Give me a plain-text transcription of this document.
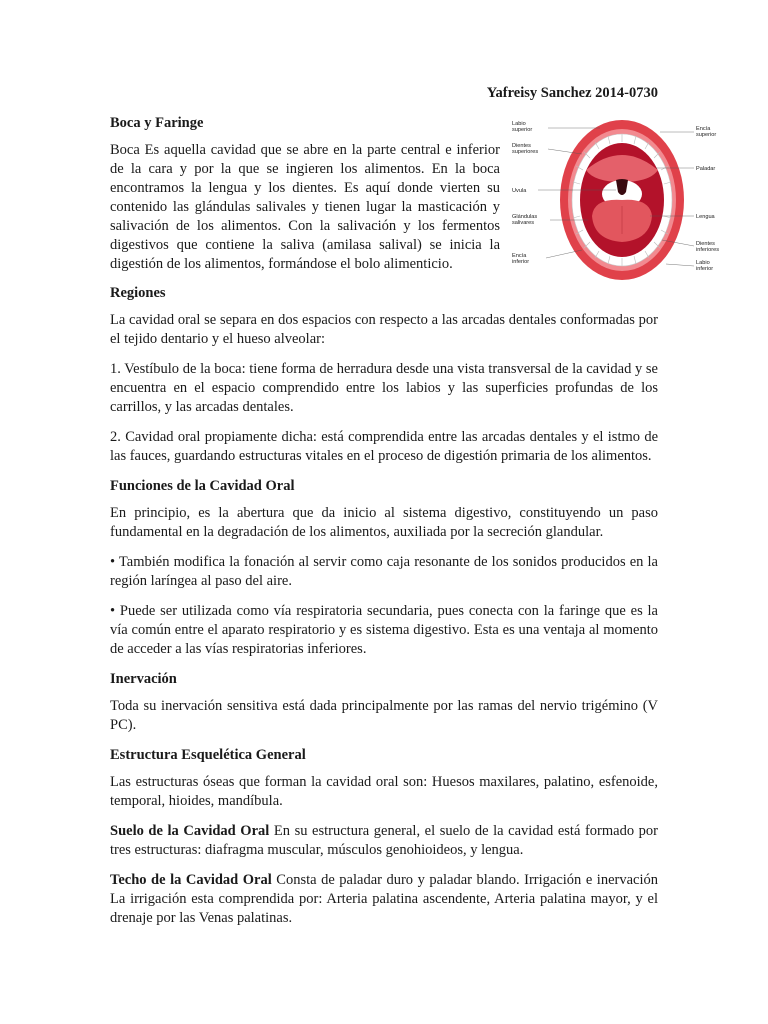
Yafreisy Sanchez 2014-0730

Boca y Faringe

Boca Es aquella cavidad que se abre en la parte central e inferior de la cara y por la que se ingieren los alimentos. En la boca encontramos la lengua y los dientes. Es aquí donde vierten su contenido las glándulas salivales y tienen lugar la masticación y salivación de los alimentos. Con la salivación y los fermentos digestivos que contiene la saliva (amilasa salival) se inicia la digestión de los alimentos, formándose el bolo alimenticio.

Labio superior
Dientes superiores
Uvula
Glándulas salivares
Encía inferior
Encía superior
Paladar
Lengua
Dientes inferiores
Labio inferior
Regiones

La cavidad oral se separa en dos espacios con respecto a las arcadas dentales conformadas por el tejido dentario y el hueso alveolar:

1. Vestíbulo de la boca: tiene forma de herradura desde una vista transversal de la cavidad y se encuentra en el espacio comprendido entre los labios y las superficies profundas de los carrillos, y las arcadas dentales.

2. Cavidad oral propiamente dicha: está comprendida entre las arcadas dentales y el istmo de las fauces, guardando estructuras vitales en el proceso de digestión primaria de los alimentos.

Funciones de la Cavidad Oral

En principio, es la abertura que da inicio al sistema digestivo, constituyendo un paso fundamental en la degradación de los alimentos, auxiliada por la secreción glandular.

• También modifica la fonación al servir como caja resonante de los sonidos producidos en la región laríngea al paso del aire.

• Puede ser utilizada como vía respiratoria secundaria, pues conecta con la faringe que es la vía común entre el aparato respiratorio y es sistema digestivo. Esta es una ventaja al momento de acceder a las vías respiratorias inferiores.

Inervación

Toda su inervación sensitiva está dada principalmente por las ramas del nervio trigémino (V PC).

Estructura Esquelética General

Las estructuras óseas que forman la cavidad oral son: Huesos maxilares, palatino, esfenoide, temporal, hioides, mandíbula.

Suelo de la Cavidad Oral En su estructura general, el suelo de la cavidad está formado por tres estructuras: diafragma muscular, músculos genohioideos, y lengua.

Techo de la Cavidad Oral Consta de paladar duro y paladar blando. Irrigación e inervación La irrigación esta comprendida por: Arteria palatina ascendente, Arteria palatina mayor, y el drenaje por las Venas palatinas.
